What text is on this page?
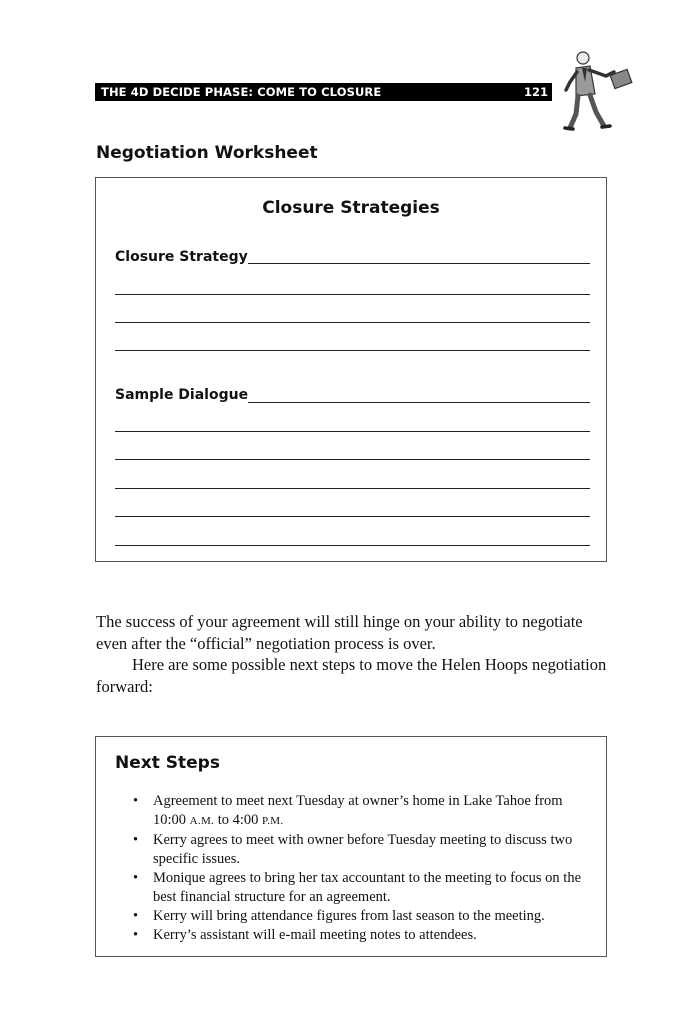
THE 4D DECIDE PHASE: COME TO CLOSURE	121
Negotiation Worksheet
Closure Strategies
Closure Strategy
Sample Dialogue

The success of your agreement will still hinge on your ability to negotiate even after the “official” negotiation process is over.

Here are some possible next steps to move the Helen Hoops negotiation forward:

Next Steps
• Agreement to meet next Tuesday at owner’s home in Lake Tahoe from 10:00 A.M. to 4:00 P.M.
• Kerry agrees to meet with owner before Tuesday meeting to discuss two specific issues.
• Monique agrees to bring her tax accountant to the meeting to focus on the best financial structure for an agreement.
• Kerry will bring attendance figures from last season to the meeting.
• Kerry’s assistant will e-mail meeting notes to attendees.
